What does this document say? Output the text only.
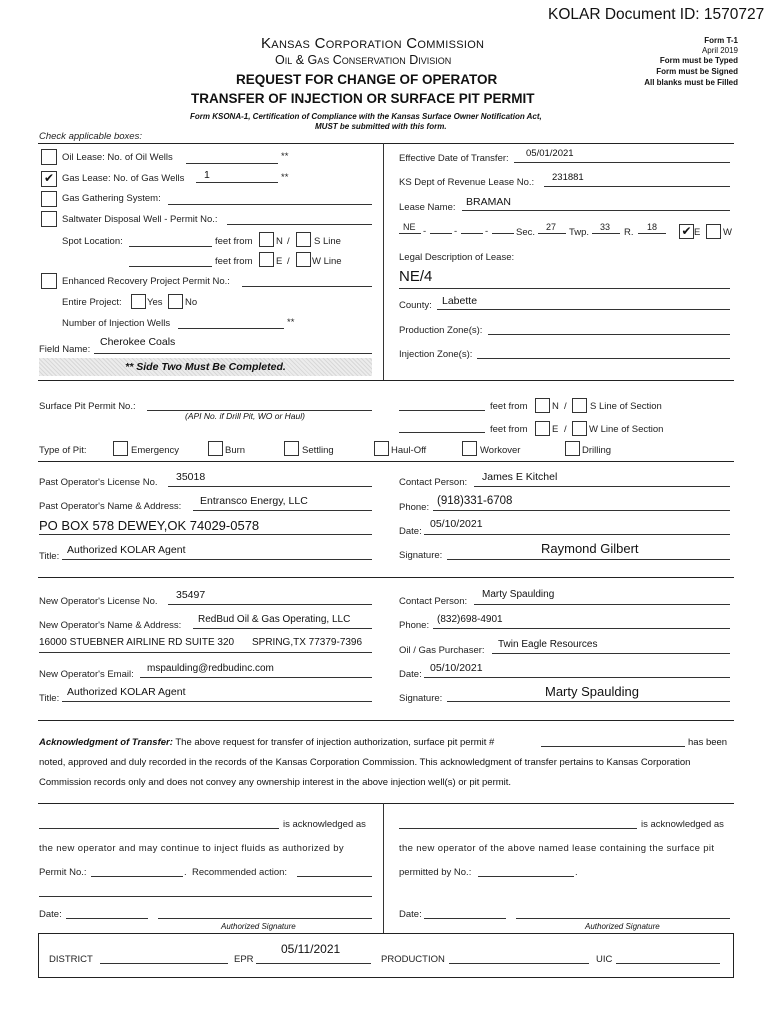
KOLAR Document ID: 1570727
Kansas Corporation Commission
Oil & Gas Conservation Division
REQUEST FOR CHANGE OF OPERATOR
TRANSFER OF INJECTION OR SURFACE PIT PERMIT
Form KSONA-1, Certification of Compliance with the Kansas Surface Owner Notification Act,
MUST be submitted with this form.
Form T-1
April 2019
Form must be Typed
Form must be Signed
All blanks must be Filled
Check applicable boxes:
Oil Lease: No. of Oil Wells	**
✔ Gas Lease: No. of Gas Wells 1	**
Gas Gathering System:
Saltwater Disposal Well - Permit No.:
Spot Location:	feet from N /	S Line
feet from E / W Line
Enhanced Recovery Project Permit No.:
Entire Project:	Yes No
Number of Injection Wells	**
Field Name:
Cherokee Coals
** Side Two Must Be Completed.
Effective Date of Transfer: 05/01/2021
KS Dept of Revenue Lease No.: 231881
Lease Name: BRAMAN
NE -	-	-	Sec. 27 Twp. 33 R. 18 ✔ E W
Legal Description of Lease:
NE/4
County: Labette
Production Zone(s):
Injection Zone(s):
Surface Pit Permit No.:
(API No. if Drill Pit, WO or Haul)
feet from	N / S Line of Section
feet from	E / W Line of Section
Type of Pit:	Emergency	Burn	Settling	Haul-Off	Workover	Drilling
Past Operator's License No. 35018
Past Operator's Name & Address: Entransco Energy, LLC
PO BOX 578 DEWEY,OK 74029-0578
Title:
Authorized KOLAR Agent
Contact Person: James E Kitchel
Phone:
(918)331-6708
Date:
05/10/2021
Signature:	Raymond Gilbert
New Operator's License No.
35497
New Operator's Name & Address:
RedBud Oil & Gas Operating, LLC
16000 STUEBNER AIRLINE RD SUITE 320 SPRING,TX 77379-7396
New Operator's Email:
mspaulding@redbudinc.com
Title:
Authorized KOLAR Agent
Contact Person:
Marty Spaulding
Phone:
(832)698-4901
Oil / Gas Purchaser:
Twin Eagle Resources
Date:
05/10/2021
Signature:	Marty Spaulding
Acknowledgment of Transfer: The above request for transfer of injection authorization, surface pit permit #	has been
noted, approved and duly recorded in the records of the Kansas Corporation Commission. This acknowledgment of transfer pertains to Kansas Corporation
Commission records only and does not convey any ownership interest in the above injection well(s) or pit permit.
is acknowledged as
the new operator and may continue to inject fluids as authorized by
Permit No.:	. Recommended action:
Date:
Authorized Signature
is acknowledged as
the new operator of the above named lease containing the surface pit
permitted by No.:	.
Date:
Authorized Signature
DISTRICT	EPR
05/11/2021
PRODUCTION	UIC
